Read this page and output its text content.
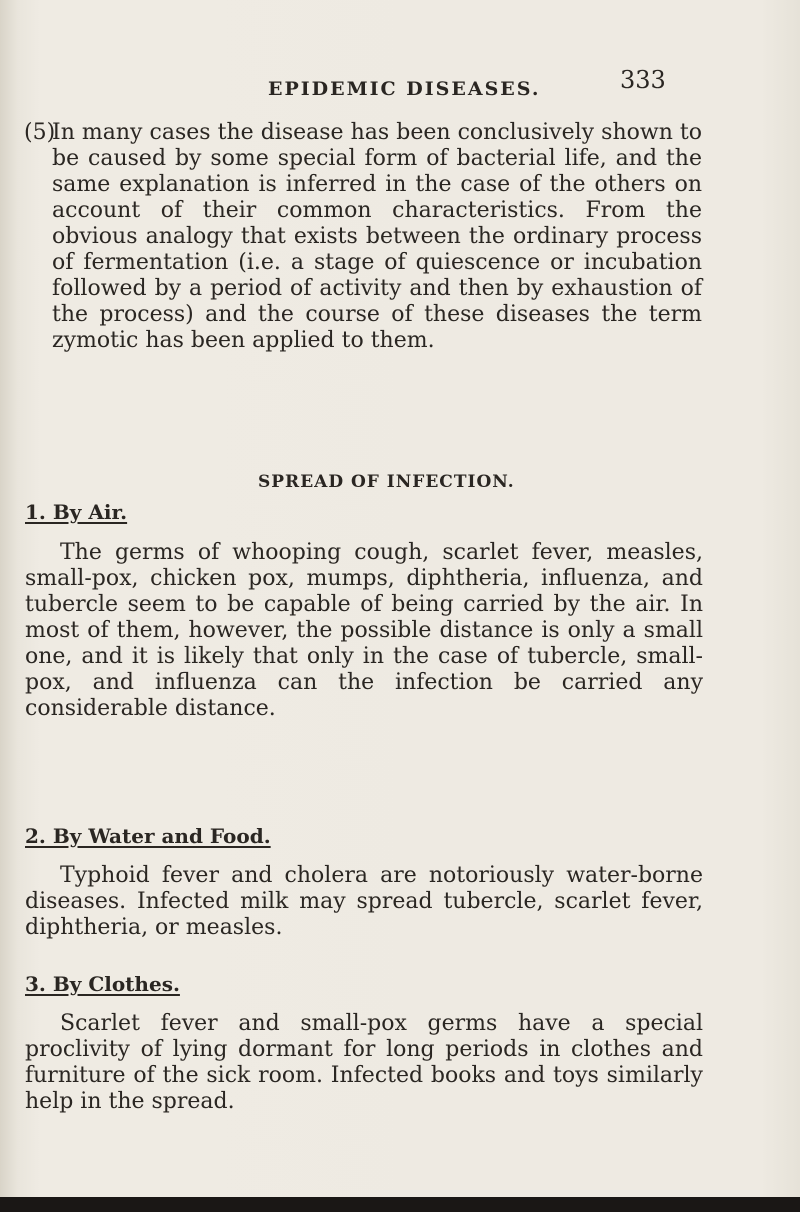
EPIDEMIC DISEASES.	333
(5)
In many cases the disease has been conclusively shown to be caused by some special form of bacterial life, and the same explanation is inferred in the case of the others on account of their common characteristics. From the obvious analogy that exists between the ordinary process of fermentation (i.e. a stage of quiescence or incubation followed by a period of activity and then by exhaustion of the process) and the course of these diseases the term zymotic has been applied to them.
SPREAD OF INFECTION.
1. By Air.
The germs of whooping cough, scarlet fever, measles, small-pox, chicken pox, mumps, diphtheria, influenza, and tubercle seem to be capable of being carried by the air. In most of them, however, the possible distance is only a small one, and it is likely that only in the case of tubercle, small-pox, and influenza can the infection be carried any considerable distance.
2. By Water and Food.
Typhoid fever and cholera are notoriously water-borne diseases. Infected milk may spread tubercle, scarlet fever, diphtheria, or measles.
3. By Clothes.
Scarlet fever and small-pox germs have a special proclivity of lying dormant for long periods in clothes and furniture of the sick room. Infected books and toys similarly help in the spread.
